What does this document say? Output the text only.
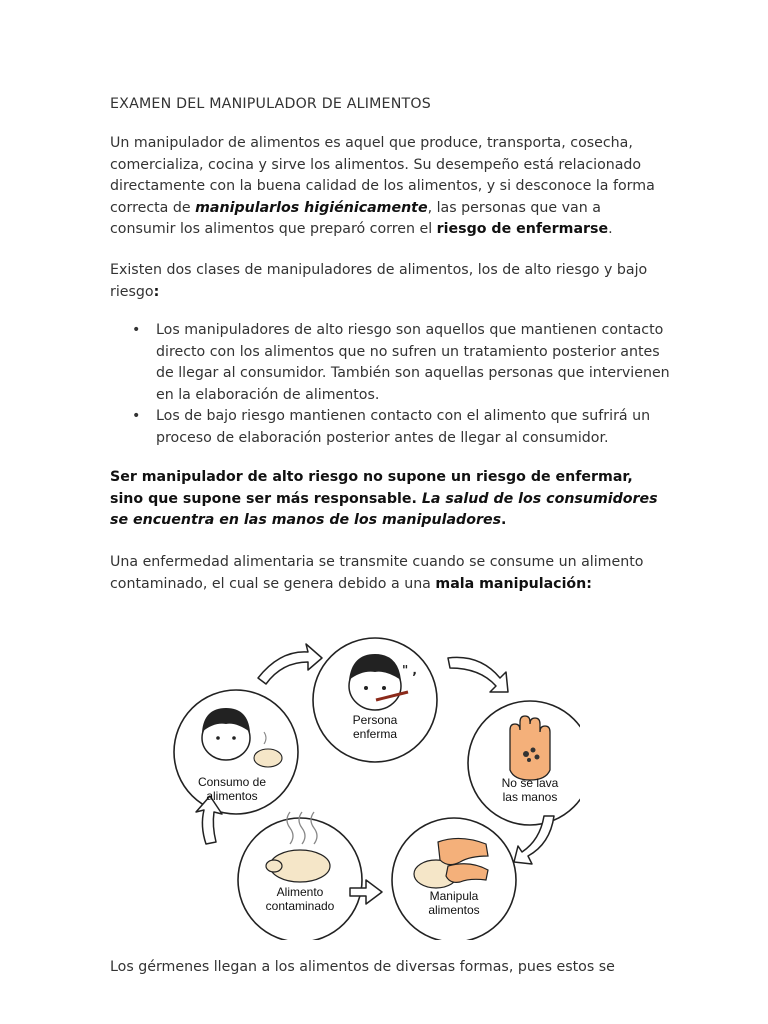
EXAMEN DEL MANIPULADOR DE ALIMENTOS
Un manipulador de alimentos es aquel que produce, transporta, cosecha, comercializa, cocina y sirve los alimentos. Su desempeño está relacionado directamente con la buena calidad de los alimentos, y si desconoce la forma correcta de manipularlos higiénicamente, las personas que van a consumir los alimentos que preparó corren el riesgo de enfermarse.
Existen dos clases de manipuladores de alimentos, los de alto riesgo y bajo riesgo:
• Los manipuladores de alto riesgo son aquellos que mantienen contacto directo con los alimentos que no sufren un tratamiento posterior antes de llegar al consumidor. También son aquellas personas que intervienen en la elaboración de alimentos.
• Los de bajo riesgo mantienen contacto con el alimento que sufrirá un proceso de elaboración posterior antes de llegar al consumidor.
Ser manipulador de alto riesgo no supone un riesgo de enfermar, sino que supone ser más responsable. La salud de los consumidores se encuentra en las manos de los manipuladores.
Una enfermedad alimentaria se transmite cuando se consume un alimento contaminado, el cual se genera debido a una mala manipulación:
" ,
Persona
enferma
No se lava
las manos
Manipula
alimentos
Alimento
contaminado
Consumo de
alimentos
Los gérmenes llegan a los alimentos de diversas formas, pues estos se
